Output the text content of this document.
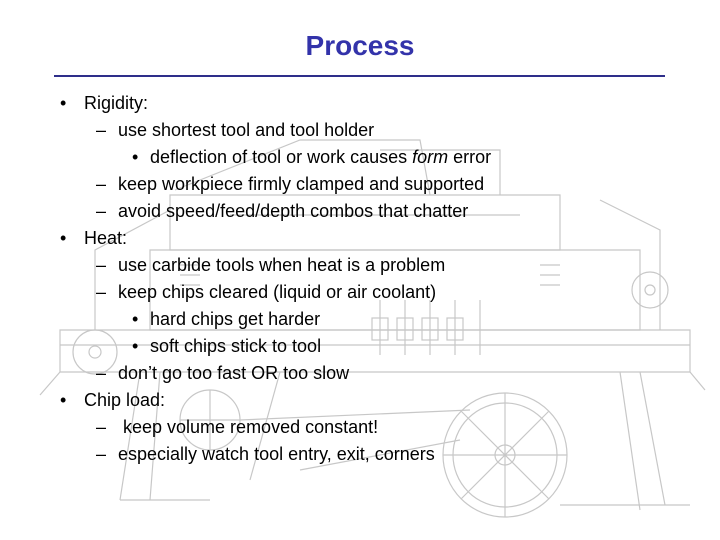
Process
• Rigidity:
– use shortest tool and tool holder
• deflection of tool or work causes form error
– keep workpiece firmly clamped and supported
– avoid speed/feed/depth combos that chatter
• Heat:
– use carbide tools when heat is a problem
– keep chips cleared (liquid or air coolant)
• hard chips get harder
• soft chips stick to tool
– don’t go too fast OR too slow
• Chip load:
– keep volume removed constant!
– especially watch tool entry, exit, corners
